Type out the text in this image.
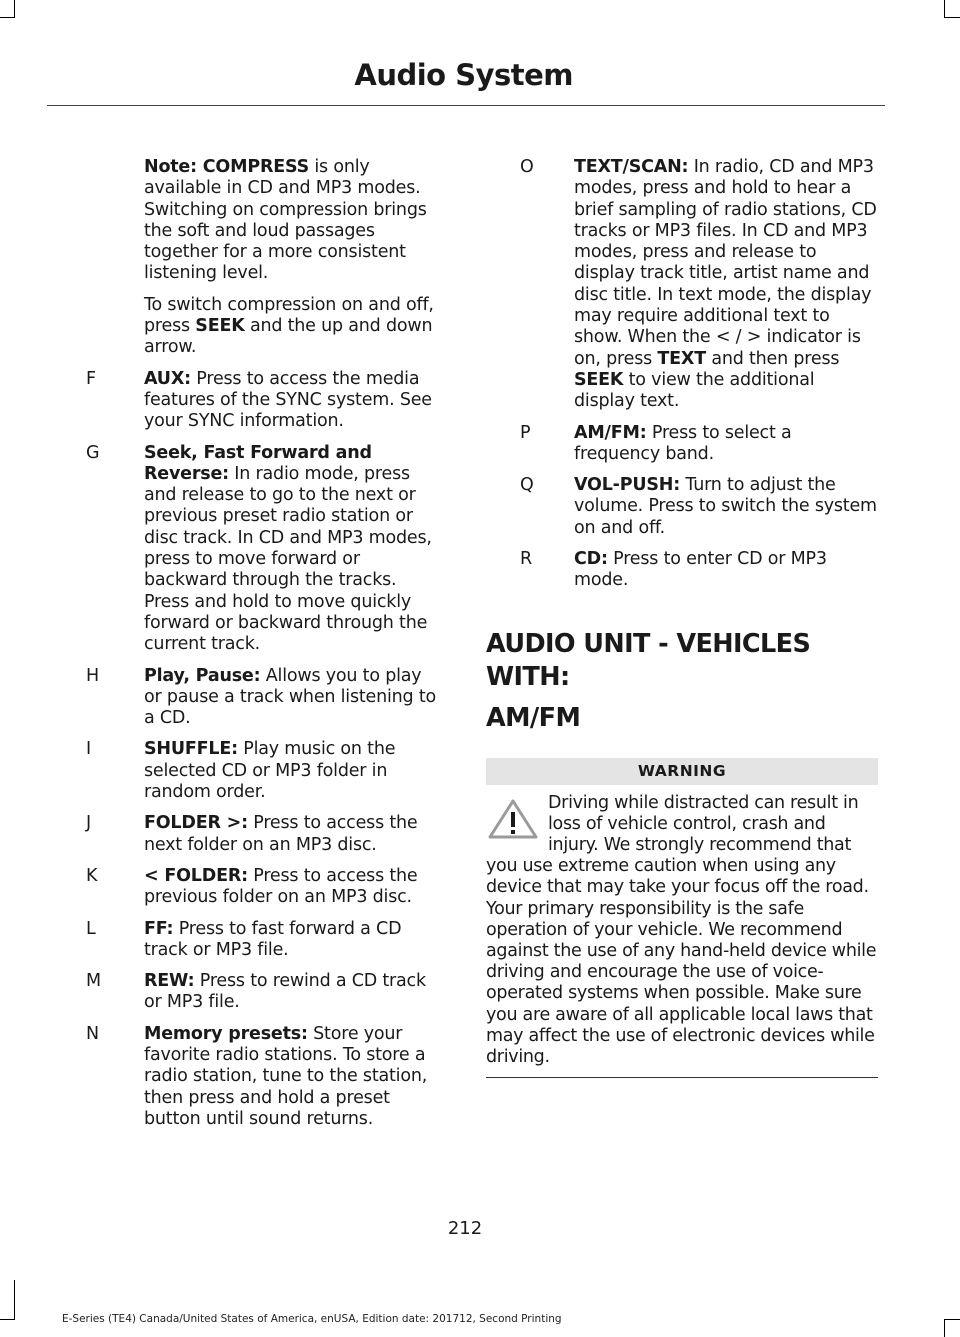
Audio System

Note: COMPRESS is only available in CD and MP3 modes. Switching on compression brings the soft and loud passages together for a more consistent listening level.

To switch compression on and off, press SEEK and the up and down arrow.

F	AUX: Press to access the media features of the SYNC system. See your SYNC information.
G	Seek, Fast Forward and Reverse: In radio mode, press and release to go to the next or previous preset radio station or disc track. In CD and MP3 modes, press to move forward or backward through the tracks. Press and hold to move quickly forward or backward through the current track.
H	Play, Pause: Allows you to play or pause a track when listening to a CD.
I	SHUFFLE: Play music on the selected CD or MP3 folder in random order.
J	FOLDER >: Press to access the next folder on an MP3 disc.
K	< FOLDER: Press to access the previous folder on an MP3 disc.
L	FF: Press to fast forward a CD track or MP3 file.
M	REW: Press to rewind a CD track or MP3 file.
N	Memory presets: Store your favorite radio stations. To store a radio station, tune to the station, then press and hold a preset button until sound returns.
O	TEXT/SCAN: In radio, CD and MP3 modes, press and hold to hear a brief sampling of radio stations, CD tracks or MP3 files. In CD and MP3 modes, press and release to display track title, artist name and disc title. In text mode, the display may require additional text to show. When the < / > indicator is on, press TEXT and then press SEEK to view the additional display text.
P	AM/FM: Press to select a frequency band.
Q	VOL-PUSH: Turn to adjust the volume. Press to switch the system on and off.
R	CD: Press to enter CD or MP3 mode.
AUDIO UNIT - VEHICLES WITH:
AM/FM
WARNING
Driving while distracted can result in loss of vehicle control, crash and injury. We strongly recommend that you use extreme caution when using any device that may take your focus off the road. Your primary responsibility is the safe operation of your vehicle. We recommend against the use of any hand-held device while driving and encourage the use of voice-operated systems when possible. Make sure you are aware of all applicable local laws that may affect the use of electronic devices while driving.
212
E-Series (TE4) Canada/United States of America, enUSA, Edition date: 201712, Second Printing
